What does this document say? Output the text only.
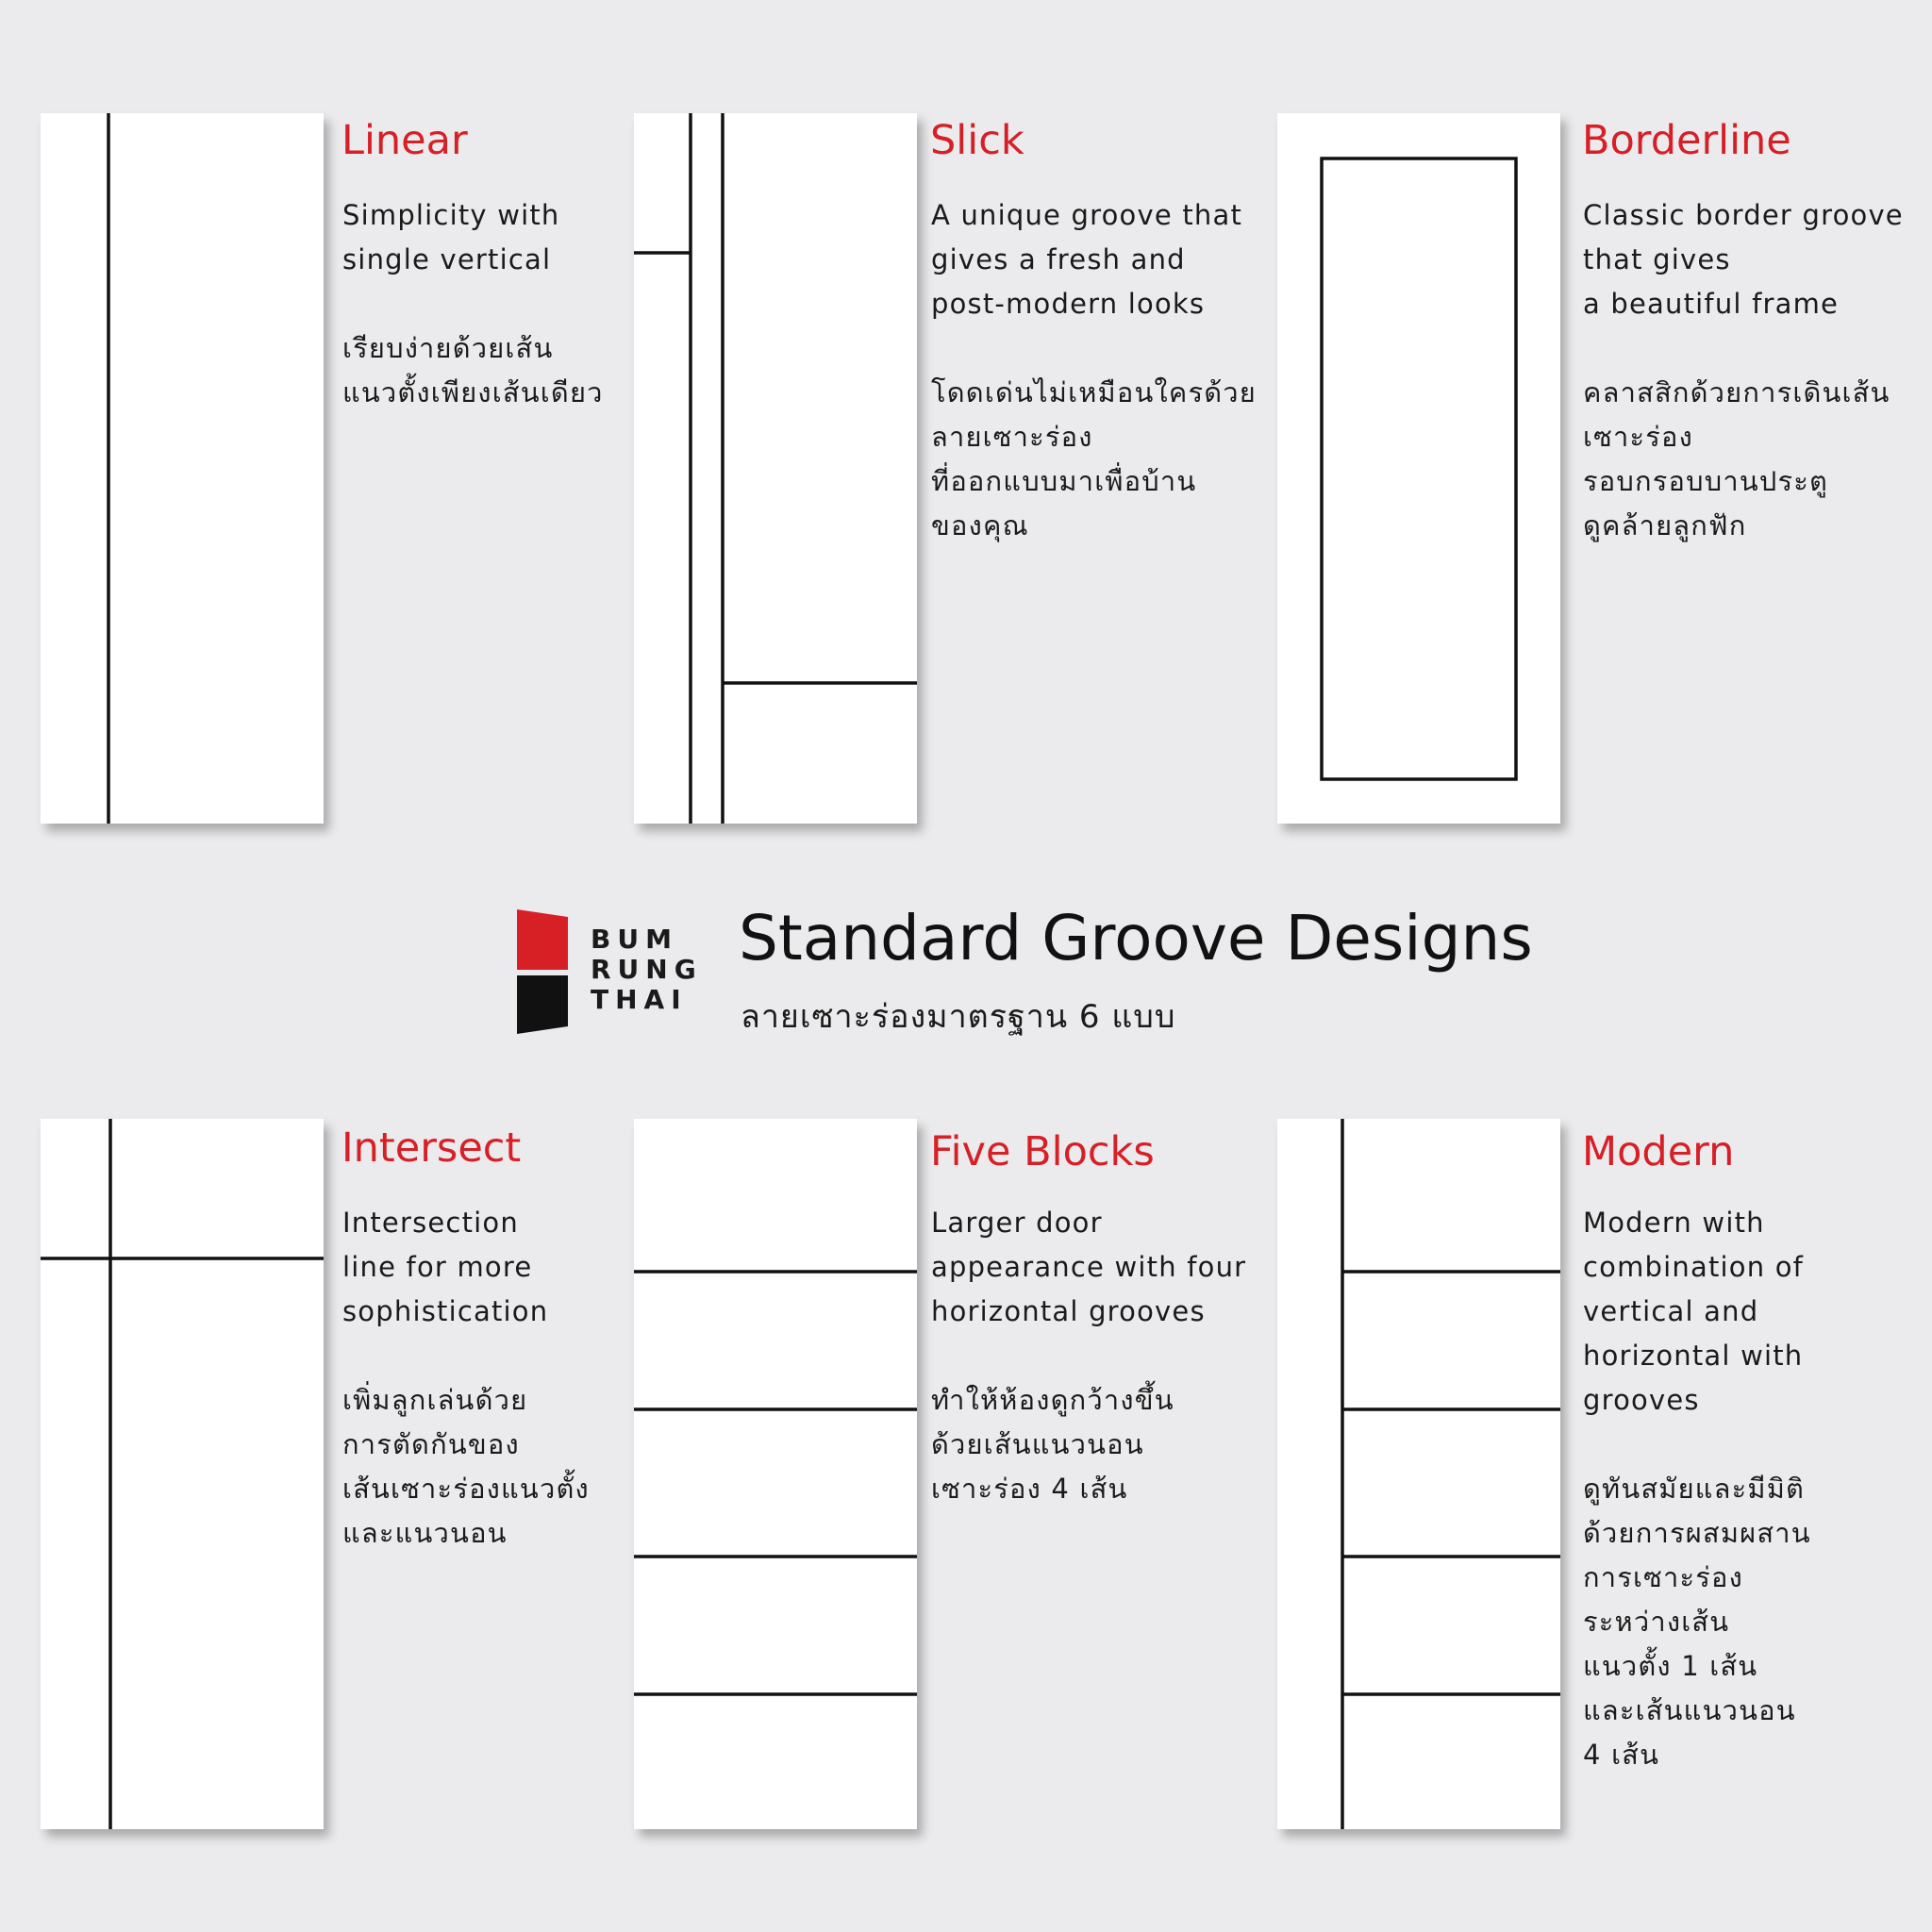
Linear
Simplicity with
single vertical
เรียบง่ายด้วยเส้น
แนวตั้งเพียงเส้นเดียว
Slick
A unique groove that
gives a fresh and
post-modern looks
โดดเด่นไม่เหมือนใครด้วย
ลายเซาะร่อง
ที่ออกแบบมาเพื่อบ้าน
ของคุณ
Borderline
Classic border groove
that gives
a beautiful frame
คลาสสิกด้วยการเดินเส้น
เซาะร่อง
รอบกรอบบานประตู
ดูคล้ายลูกฟัก
BUM
RUNG
THAI
Standard Groove Designs
ลายเซาะร่องมาตรฐาน 6 แบบ
Intersect
Intersection
line for more
sophistication
เพิ่มลูกเล่นด้วย
การตัดกันของ
เส้นเซาะร่องแนวตั้ง
และแนวนอน
Five Blocks
Larger door
appearance with four
horizontal grooves
ทำให้ห้องดูกว้างขึ้น
ด้วยเส้นแนวนอน
เซาะร่อง 4 เส้น
Modern
Modern with
combination of
vertical and
horizontal with
grooves
ดูทันสมัยและมีมิติ
ด้วยการผสมผสาน
การเซาะร่อง
ระหว่างเส้น
แนวตั้ง 1 เส้น
และเส้นแนวนอน
4 เส้น
